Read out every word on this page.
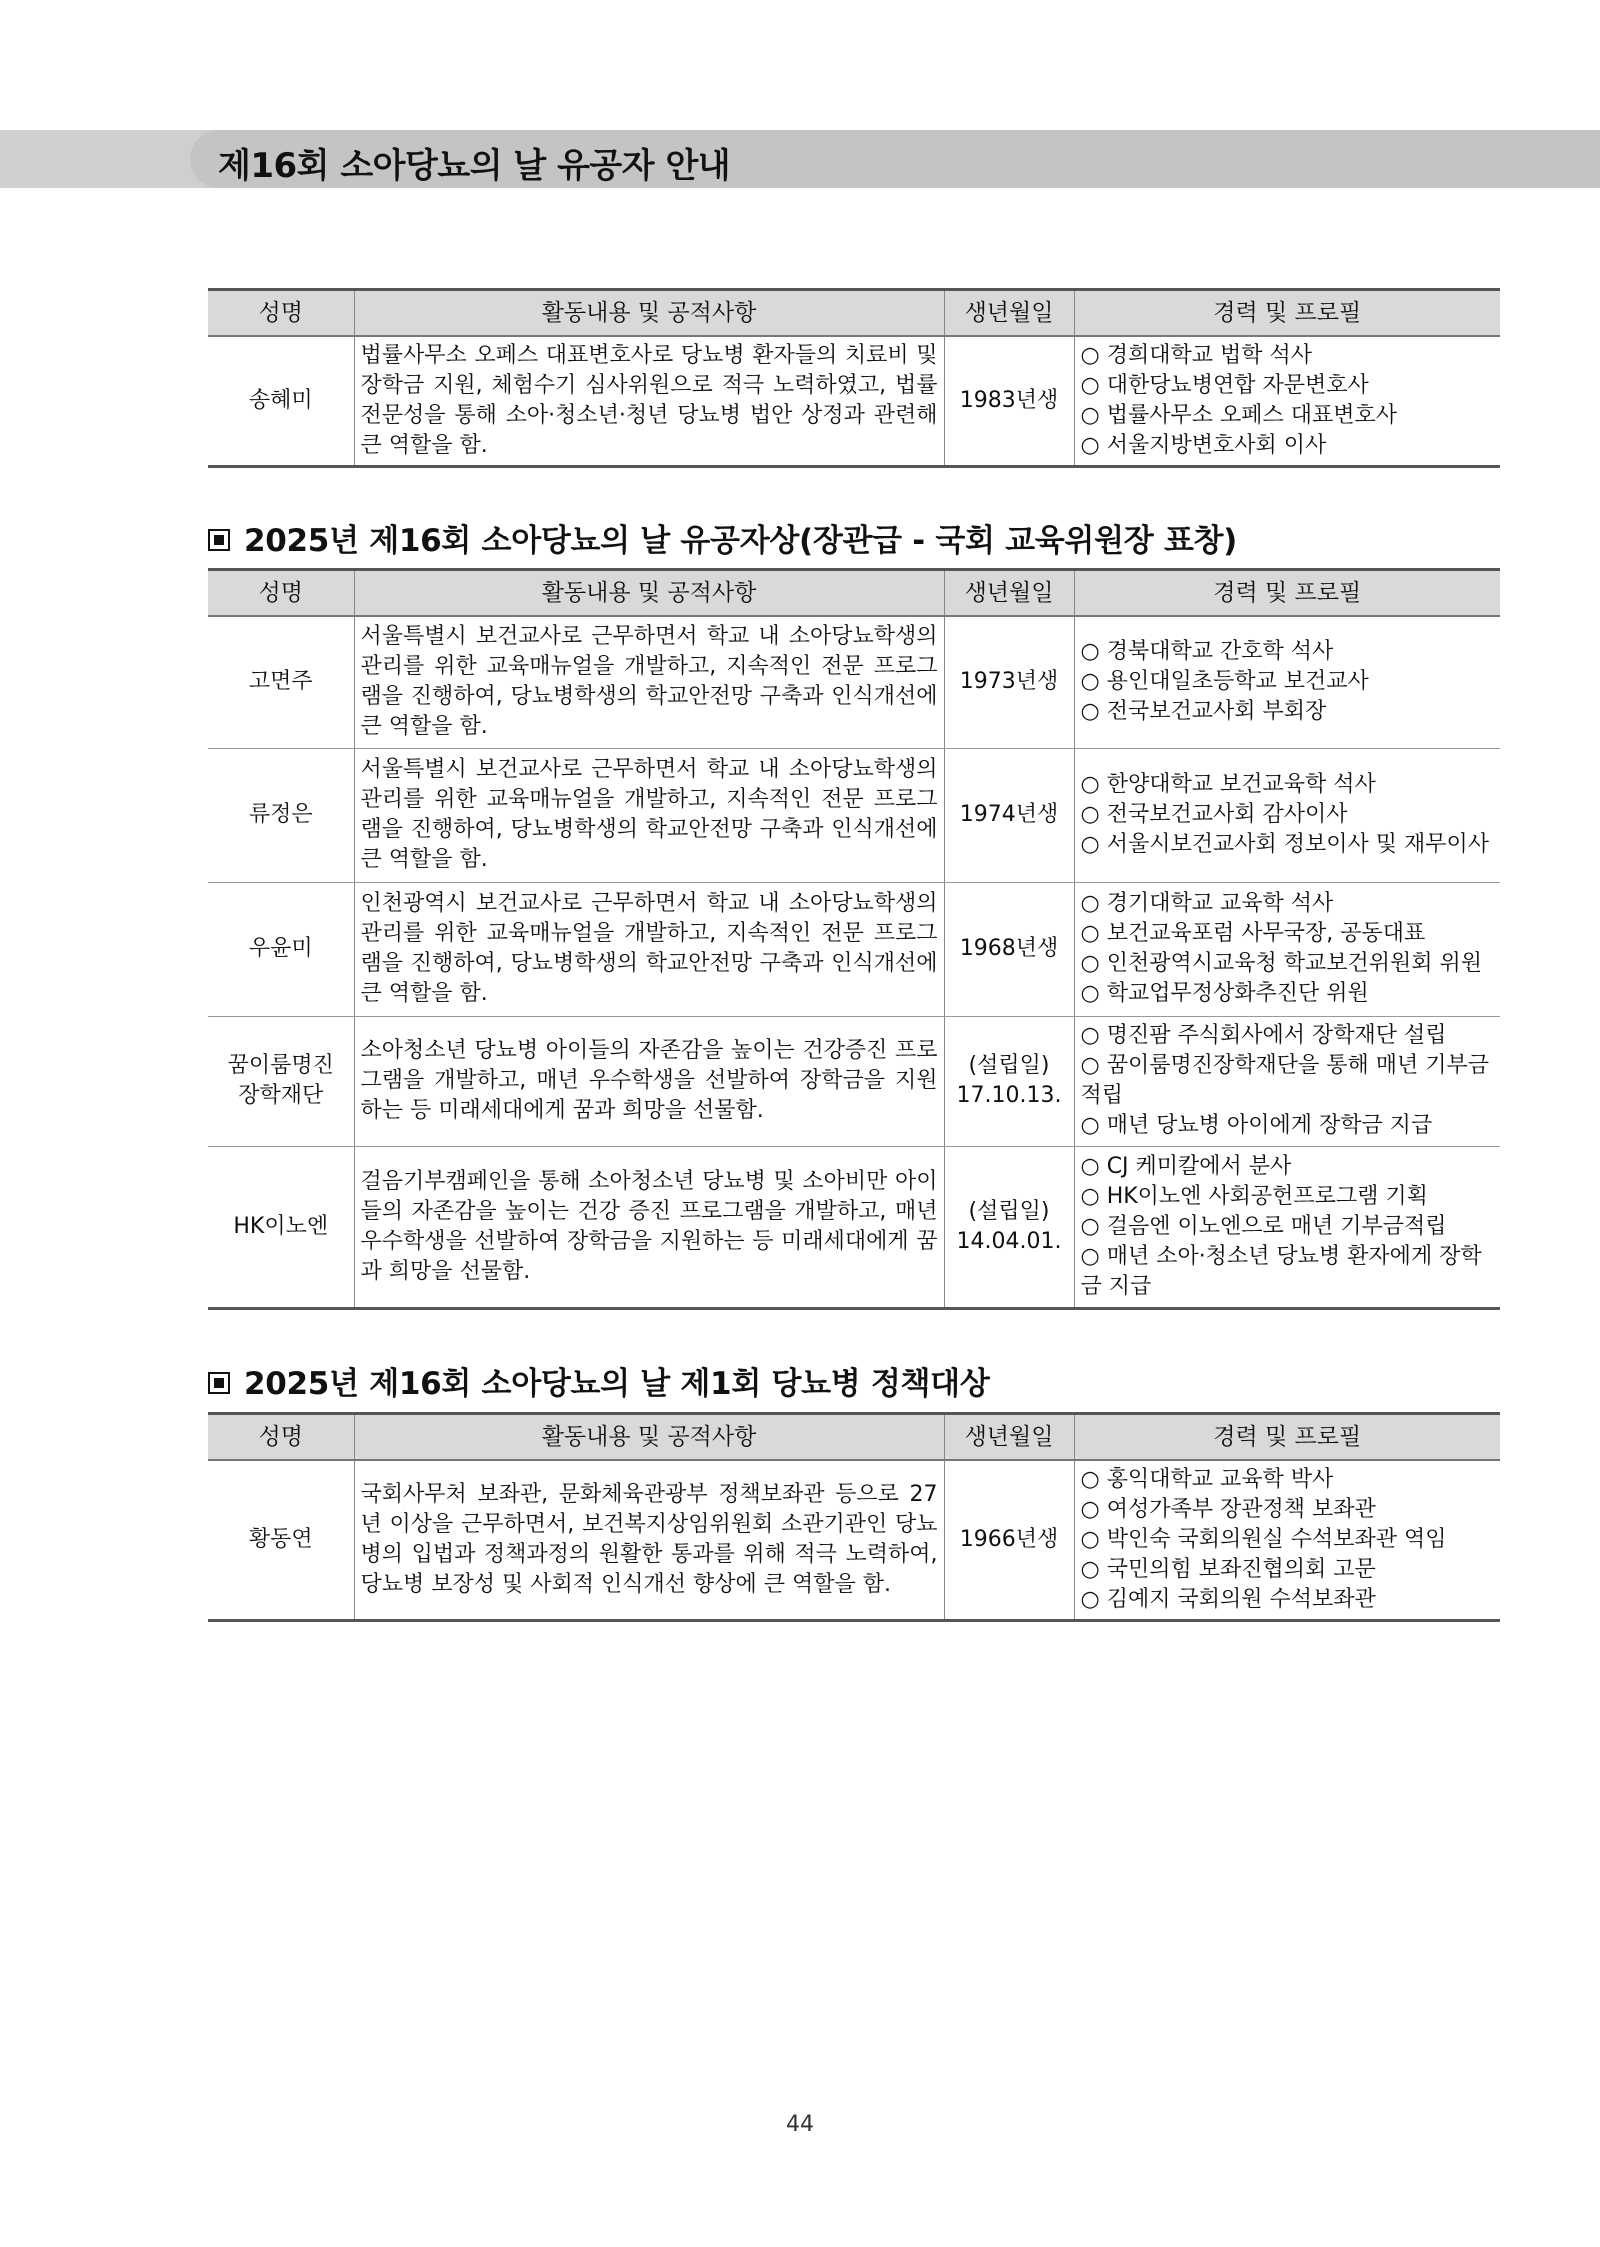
제16회 소아당뇨의 날 유공자 안내
성명	활동내용 및 공적사항	생년월일	경력 및 프로필
송혜미	법률사무소 오페스 대표변호사로 당뇨병 환자들의 치료비 및 장학금 지원, 체험수기 심사위원으로 적극 노력하였고, 법률 전문성을 통해 소아·청소년·청년 당뇨병 법안 상정과 관련해 큰 역할을 함.	1983년생	○ 경희대학교 법학 석사
○ 대한당뇨병연합 자문변호사
○ 법률사무소 오페스 대표변호사
○ 서울지방변호사회 이사
2025년 제16회 소아당뇨의 날 유공자상(장관급 - 국회 교육위원장 표창)
성명	활동내용 및 공적사항	생년월일	경력 및 프로필
고면주	서울특별시 보건교사로 근무하면서 학교 내 소아당뇨학생의 관리를 위한 교육매뉴얼을 개발하고, 지속적인 전문 프로그램을 진행하여, 당뇨병학생의 학교안전망 구축과 인식개선에 큰 역할을 함.	1973년생	○ 경북대학교 간호학 석사
○ 용인대일초등학교 보건교사
○ 전국보건교사회 부회장

류정은	서울특별시 보건교사로 근무하면서 학교 내 소아당뇨학생의 관리를 위한 교육매뉴얼을 개발하고, 지속적인 전문 프로그램을 진행하여, 당뇨병학생의 학교안전망 구축과 인식개선에 큰 역할을 함.	1974년생	○ 한양대학교 보건교육학 석사
○ 전국보건교사회 감사이사
○ 서울시보건교사회 정보이사 및 재무이사

우윤미	인천광역시 보건교사로 근무하면서 학교 내 소아당뇨학생의 관리를 위한 교육매뉴얼을 개발하고, 지속적인 전문 프로그램을 진행하여, 당뇨병학생의 학교안전망 구축과 인식개선에 큰 역할을 함.	1968년생	○ 경기대학교 교육학 석사
○ 보건교육포럼 사무국장, 공동대표
○ 인천광역시교육청 학교보건위원회 위원
○ 학교업무정상화추진단 위원

꿈이룸명진 장학재단	소아청소년 당뇨병 아이들의 자존감을 높이는 건강증진 프로그램을 개발하고, 매년 우수학생을 선발하여 장학금을 지원하는 등 미래세대에게 꿈과 희망을 선물함.	(설립일) 17.10.13.	○ 명진팜 주식회사에서 장학재단 설립
○ 꿈이룸명진장학재단을 통해 매년 기부금적립
○ 매년 당뇨병 아이에게 장학금 지급

HK이노엔	걸음기부캠페인을 통해 소아청소년 당뇨병 및 소아비만 아이들의 자존감을 높이는 건강 증진 프로그램을 개발하고, 매년 우수학생을 선발하여 장학금을 지원하는 등 미래세대에게 꿈과 희망을 선물함.	(설립일) 14.04.01.	○ CJ 케미칼에서 분사
○ HK이노엔 사회공헌프로그램 기획
○ 걸음엔 이노엔으로 매년 기부금적립
○ 매년 소아·청소년 당뇨병 환자에게 장학금 지급
2025년 제16회 소아당뇨의 날 제1회 당뇨병 정책대상
성명	활동내용 및 공적사항	생년월일	경력 및 프로필
황동연	국회사무처 보좌관, 문화체육관광부 정책보좌관 등으로 27년 이상을 근무하면서, 보건복지상임위원회 소관기관인 당뇨병의 입법과 정책과정의 원활한 통과를 위해 적극 노력하여, 당뇨병 보장성 및 사회적 인식개선 향상에 큰 역할을 함.	1966년생	○ 홍익대학교 교육학 박사
○ 여성가족부 장관정책 보좌관
○ 박인숙 국회의원실 수석보좌관 역임
○ 국민의힘 보좌진협의회 고문
○ 김예지 국회의원 수석보좌관
44
